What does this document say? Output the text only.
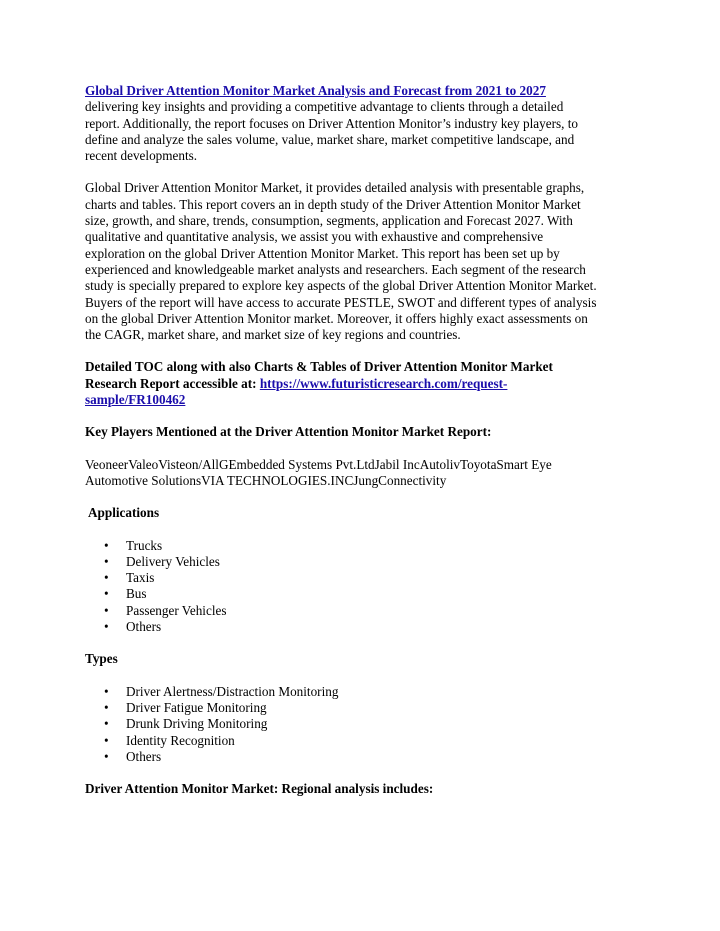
Global Driver Attention Monitor Market Analysis and Forecast from 2021 to 2027

delivering key insights and providing a competitive advantage to clients through a detailed

report. Additionally, the report focuses on Driver Attention Monitor’s industry key players, to

define and analyze the sales volume, value, market share, market competitive landscape, and

recent developments.

Global Driver Attention Monitor Market, it provides detailed analysis with presentable graphs,

charts and tables. This report covers an in depth study of the Driver Attention Monitor Market

size, growth, and share, trends, consumption, segments, application and Forecast 2027. With

qualitative and quantitative analysis, we assist you with exhaustive and comprehensive

exploration on the global Driver Attention Monitor Market. This report has been set up by

experienced and knowledgeable market analysts and researchers. Each segment of the research

study is specially prepared to explore key aspects of the global Driver Attention Monitor Market.

Buyers of the report will have access to accurate PESTLE, SWOT and different types of analysis

on the global Driver Attention Monitor market. Moreover, it offers highly exact assessments on

the CAGR, market share, and market size of key regions and countries.

Detailed TOC along with also Charts & Tables of Driver Attention Monitor Market

Research Report accessible at: https://www.futuristicresearch.com/request-

sample/FR100462

Key Players Mentioned at the Driver Attention Monitor Market Report:

VeoneerValeoVisteon/AllGEmbedded Systems Pvt.LtdJabil IncAutolivToyotaSmart Eye

Automotive SolutionsVIA TECHNOLOGIES.INCJungConnectivity

Applications

• Trucks
• Delivery Vehicles
• Taxis
• Bus
• Passenger Vehicles
• Others

Types

• Driver Alertness/Distraction Monitoring
• Driver Fatigue Monitoring
• Drunk Driving Monitoring
• Identity Recognition
• Others

Driver Attention Monitor Market: Regional analysis includes:
